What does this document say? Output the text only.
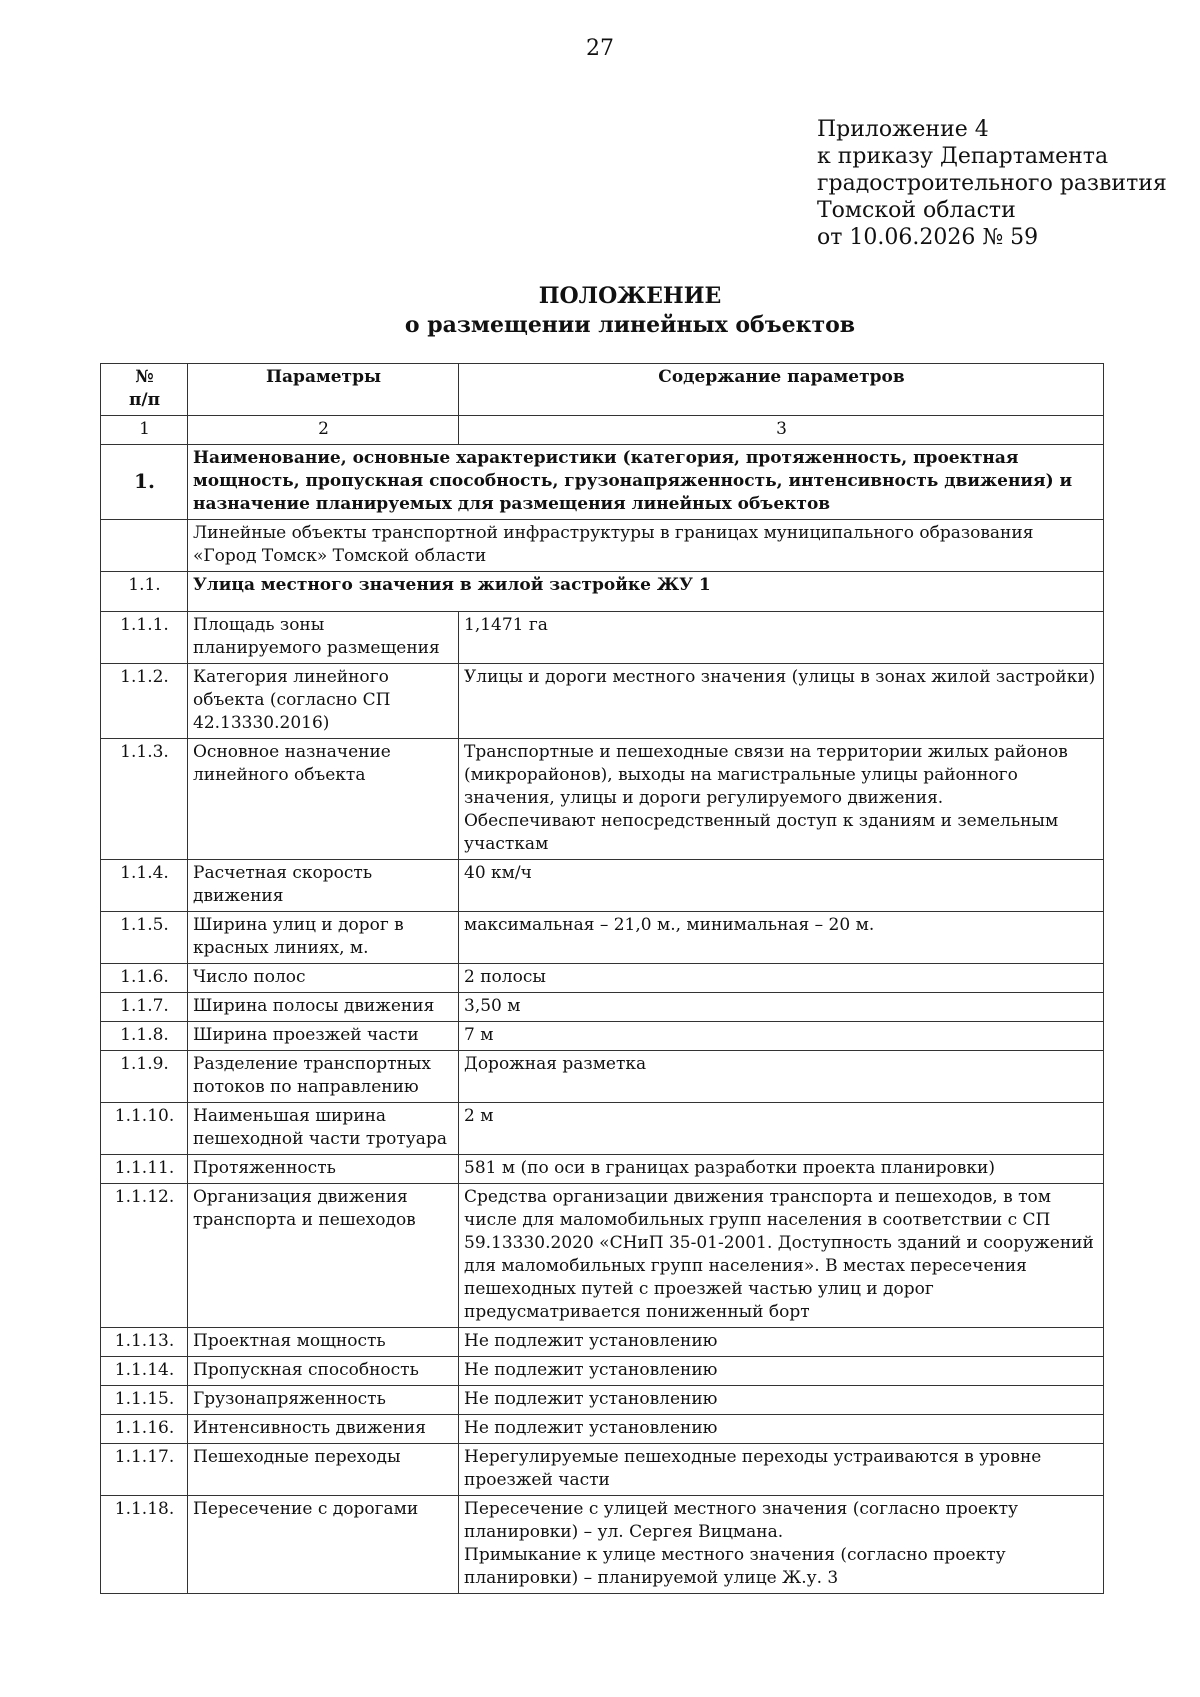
27
Приложение 4
к приказу Департамента
градостроительного развития
Томской области
от 10.06.2026 № 59
ПОЛОЖЕНИЕ
о размещении линейных объектов
№
п/п	Параметры	Содержание параметров
1	2	3
1.	Наименование, основные характеристики (категория, протяженность, проектная мощность, пропускная способность, грузонапряженность, интенсивность движения) и назначение планируемых для размещения линейных объектов	
	Линейные объекты транспортной инфраструктуры в границах муниципального образования «Город Томск» Томской области	
1.1.	Улица местного значения в жилой застройке ЖУ 1	
1.1.1.	Площадь зоны планируемого размещения	1,1471 га
1.1.2.	Категория линейного объекта (согласно СП 42.13330.2016)	Улицы и дороги местного значения (улицы в зонах жилой застройки)
1.1.3.	Основное назначение линейного объекта	Транспортные и пешеходные связи на территории жилых районов (микрорайонов), выходы на магистральные улицы районного значения, улицы и дороги регулируемого движения.
Обеспечивают непосредственный доступ к зданиям и земельным участкам
1.1.4.	Расчетная скорость движения	40 км/ч
1.1.5.	Ширина улиц и дорог в красных линиях, м.	максимальная – 21,0 м., минимальная – 20 м.
1.1.6.	Число полос	2 полосы
1.1.7.	Ширина полосы движения	3,50 м
1.1.8.	Ширина проезжей части	7 м
1.1.9.	Разделение транспортных потоков по направлению	Дорожная разметка
1.1.10.	Наименьшая ширина пешеходной части тротуара	2 м
1.1.11.	Протяженность	581 м (по оси в границах разработки проекта планировки)
1.1.12.	Организация движения транспорта и пешеходов	Средства организации движения транспорта и пешеходов, в том числе для маломобильных групп населения в соответствии с СП 59.13330.2020 «СНиП 35-01-2001. Доступность зданий и сооружений для маломобильных групп населения». В местах пересечения пешеходных путей с проезжей частью улиц и дорог предусматривается пониженный борт
1.1.13.	Проектная мощность	Не подлежит установлению
1.1.14.	Пропускная способность	Не подлежит установлению
1.1.15.	Грузонапряженность	Не подлежит установлению
1.1.16.	Интенсивность движения	Не подлежит установлению
1.1.17.	Пешеходные переходы	Нерегулируемые пешеходные переходы устраиваются в уровне проезжей части
1.1.18.	Пересечение с дорогами	Пересечение с улицей местного значения (согласно проекту планировки) – ул. Сергея Вицмана.
Примыкание к улице местного значения (согласно проекту планировки) – планируемой улице Ж.у. 3
